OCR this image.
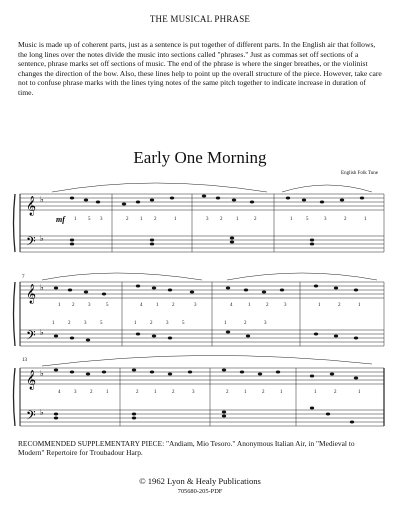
THE MUSICAL PHRASE

Music is made up of coherent parts, just as a sentence is put together of different parts. In the English air that follows, the long lines over the notes divide the music into sections called "phrases." Just as commas set off sections of a sentence, phrase marks set off sections of music. The end of the phrase is where the singer breathes, or the violinist changes the direction of the bow. Also, these lines help to point up the overall structure of the piece. However, take care not to confuse phrase marks with the lines tying notes of the same pitch together to indicate increase in duration of time.

Early One Morning
English Folk Tune
𝄞
𝄢
♭
♭
mf 1 5 3	2 1 2	1	3 2	1	2	1	5	3	2	1
7
𝄞
𝄢
♭
♭
1 2	3	5	4	1	2	3	4	1	2	3	1	2	1
1	2	3	5	1	2	3	5	1	2	3
13
𝄞
𝄢
♭
♭
4	3	2	1	2	1	2	3	2	1	2	1	1	2	1

RECOMMENDED SUPPLEMENTARY PIECE: "Andiam, Mio Tesoro." Anonymous Italian Air, in "Medieval to Modern" Repertoire for Troubadour Harp.

© 1962 Lyon & Healy Publications
705680-205-PDF
